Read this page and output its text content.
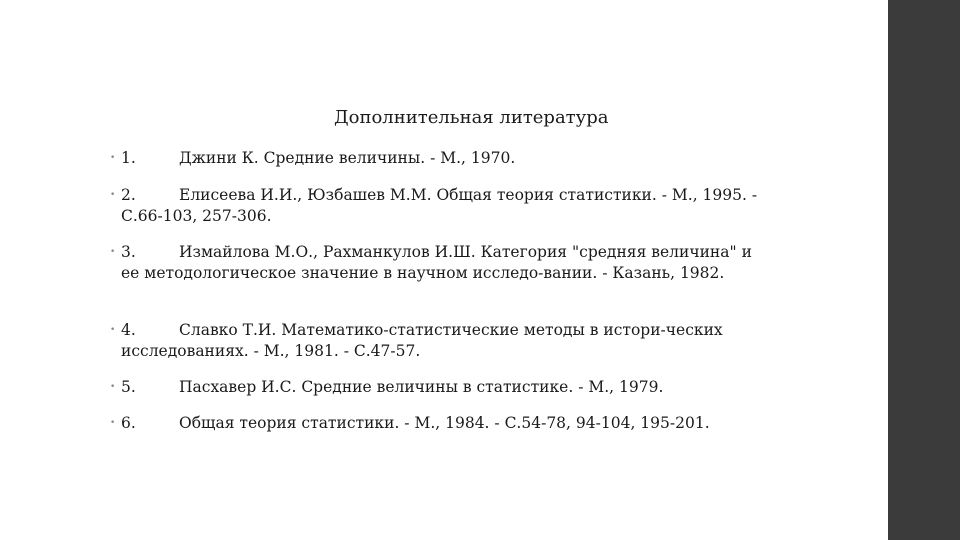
Дополнительная литература
• 1.	Джини К. Средние величины. - М., 1970.
• 2.	Елисеева И.И., Юзбашев М.М. Общая теория статистики. - М., 1995. - С.66-103, 257-306.
• 3.	Измайлова М.О., Рахманкулов И.Ш. Категория "средняя величина" и ее методологическое значение в научном исследо-вании. - Казань, 1982.
• 4.	Славко Т.И. Математико-статистические методы в истори-ческих исследованиях. - М., 1981. - С.47-57.
• 5.	Пасхавер И.С. Средние величины в статистике. - М., 1979.
• 6.	Общая теория статистики. - М., 1984. - С.54-78, 94-104, 195-201.
